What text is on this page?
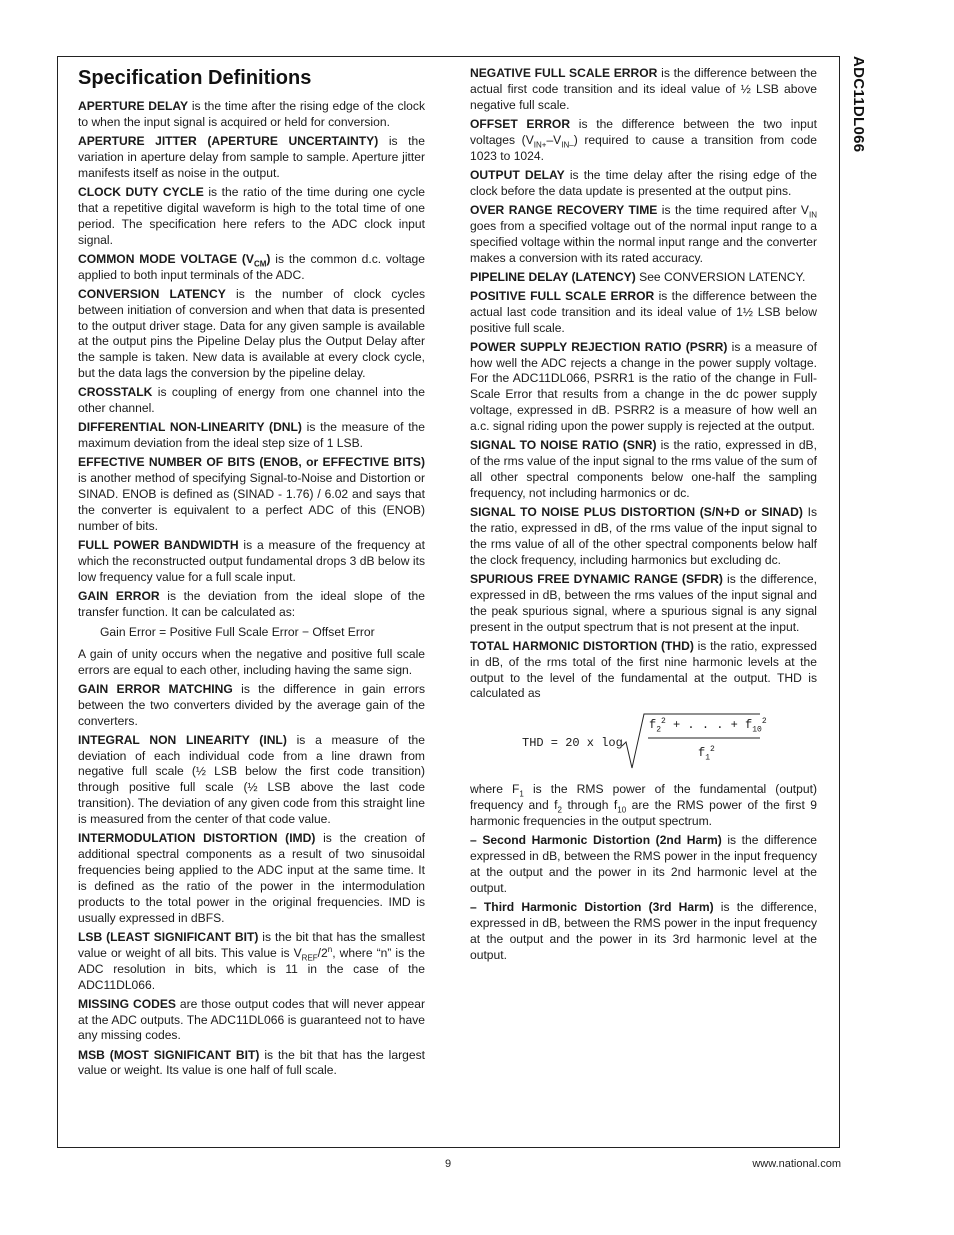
ADC11DL066
Specification Definitions

APERTURE DELAY is the time after the rising edge of the clock to when the input signal is acquired or held for conversion.

APERTURE JITTER (APERTURE UNCERTAINTY) is the variation in aperture delay from sample to sample. Aperture jitter manifests itself as noise in the output.

CLOCK DUTY CYCLE is the ratio of the time during one cycle that a repetitive digital waveform is high to the total time of one period. The specification here refers to the ADC clock input signal.

COMMON MODE VOLTAGE $(V_{CM})$ is the common d.c. voltage applied to both input terminals of the ADC.

CONVERSION LATENCY is the number of clock cycles between initiation of conversion and when that data is presented to the output driver stage. Data for any given sample is available at the output pins the Pipeline Delay plus the Output Delay after the sample is taken. New data is available at every clock cycle, but the data lags the conversion by the pipeline delay.

CROSSTALK is coupling of energy from one channel into the other channel.

DIFFERENTIAL NON-LINEARITY (DNL) is the measure of the maximum deviation from the ideal step size of 1 LSB.

EFFECTIVE NUMBER OF BITS (ENOB, or EFFECTIVE BITS) is another method of specifying Signal-to-Noise and Distortion or SINAD. ENOB is defined as (SINAD - 1.76) / 6.02 and says that the converter is equivalent to a perfect ADC of this (ENOB) number of bits.

FULL POWER BANDWIDTH is a measure of the frequency at which the reconstructed output fundamental drops 3 dB below its low frequency value for a full scale input.

GAIN ERROR is the deviation from the ideal slope of the transfer function. It can be calculated as:

Gain Error = Positive Full Scale Error − Offset Error

A gain of unity occurs when the negative and positive full scale errors are equal to each other, including having the same sign.

GAIN ERROR MATCHING is the difference in gain errors between the two converters divided by the average gain of the converters.

INTEGRAL NON LINEARITY (INL) is a measure of the deviation of each individual code from a line drawn from negative full scale (½ LSB below the first code transition) through positive full scale (½ LSB above the last code transition). The deviation of any given code from this straight line is measured from the center of that code value.

INTERMODULATION DISTORTION (IMD) is the creation of additional spectral components as a result of two sinusoidal frequencies being applied to the ADC input at the same time. It is defined as the ratio of the power in the intermodulation products to the total power in the original frequencies. IMD is usually expressed in dBFS.

LSB (LEAST SIGNIFICANT BIT) is the bit that has the smallest value or weight of all bits. This value is $V_{REF}/2^n$, where “n” is the ADC resolution in bits, which is 11 in the case of the ADC11DL066.

MISSING CODES are those output codes that will never appear at the ADC outputs. The ADC11DL066 is guaranteed not to have any missing codes.

MSB (MOST SIGNIFICANT BIT) is the bit that has the largest value or weight. Its value is one half of full scale.

NEGATIVE FULL SCALE ERROR is the difference between the actual first code transition and its ideal value of ½ LSB above negative full scale.

OFFSET ERROR is the difference between the two input voltages $(V_{IN+}-V_{IN-})$ required to cause a transition from code 1023 to 1024.

OUTPUT DELAY is the time delay after the rising edge of the clock before the data update is presented at the output pins.

OVER RANGE RECOVERY TIME is the time required after $V_{IN}$ goes from a specified voltage out of the normal input range to a specified voltage within the normal input range and the converter makes a conversion with its rated accuracy.

PIPELINE DELAY (LATENCY) See CONVERSION LATENCY.

POSITIVE FULL SCALE ERROR is the difference between the actual last code transition and its ideal value of 1½ LSB below positive full scale.

POWER SUPPLY REJECTION RATIO (PSRR) is a measure of how well the ADC rejects a change in the power supply voltage. For the ADC11DL066, PSRR1 is the ratio of the change in Full-Scale Error that results from a change in the dc power supply voltage, expressed in dB. PSRR2 is a measure of how well an a.c. signal riding upon the power supply is rejected at the output.

SIGNAL TO NOISE RATIO (SNR) is the ratio, expressed in dB, of the rms value of the input signal to the rms value of the sum of all other spectral components below one-half the sampling frequency, not including harmonics or dc.

SIGNAL TO NOISE PLUS DISTORTION (S/N+D or SINAD) Is the ratio, expressed in dB, of the rms value of the input signal to the rms value of all of the other spectral components below half the clock frequency, including harmonics but excluding dc.

SPURIOUS FREE DYNAMIC RANGE (SFDR) is the difference, expressed in dB, between the rms values of the input signal and the peak spurious signal, where a spurious signal is any signal present in the output spectrum that is not present at the input.

TOTAL HARMONIC DISTORTION (THD) is the ratio, expressed in dB, of the rms total of the first nine harmonic levels at the output to the level of the fundamental at the output. THD is calculated as

THD = 20 x log
$f_2^2$ + . . . + $f_{10}^2$
$f_1^2$

where $F_1$ is the RMS power of the fundamental (output) frequency and $f_2$ through $f_{10}$ are the RMS power of the first 9 harmonic frequencies in the output spectrum.

– Second Harmonic Distortion (2nd Harm) is the difference expressed in dB, between the RMS power in the input frequency at the output and the power in its 2nd harmonic level at the output.

– Third Harmonic Distortion (3rd Harm) is the difference, expressed in dB, between the RMS power in the input frequency at the output and the power in its 3rd harmonic level at the output.

9	www.national.com
